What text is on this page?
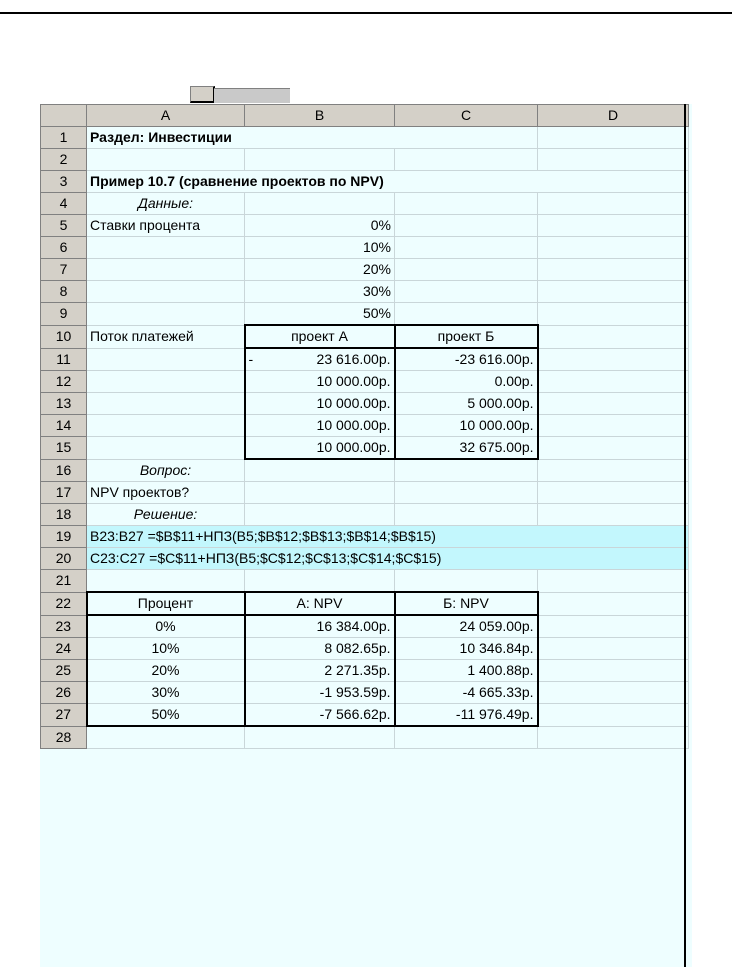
	A	B	C	D
1	Раздел: Инвестиции			
2				
3	Пример 10.7 (сравнение проектов по NPV)			
4	Данные:			
5	Ставки процента	0%		
6		10%		
7		20%		
8		30%		
9		50%		
10	Поток платежей	проект А	проект Б	
11		- 23 616.00р.	-23 616.00р.	
12		10 000.00р.	0.00р.	
13		10 000.00р.	5 000.00р.	
14		10 000.00р.	10 000.00р.	
15		10 000.00р.	32 675.00р.	
16	Вопрос:			
17	NPV проектов?			
18	Решение:			
19	B23:B27 =$B$11+НПЗ(B5;$B$12;$B$13;$B$14;$B$15)			
20	C23:C27 =$C$11+НПЗ(B5;$C$12;$C$13;$C$14;$C$15)			
21				
22	Процент	А: NPV	Б: NPV	
23	0%	16 384.00р.	24 059.00р.	
24	10%	8 082.65р.	10 346.84р.	
25	20%	2 271.35р.	1 400.88р.	
26	30%	-1 953.59р.	-4 665.33р.	
27	50%	-7 566.62р.	-11 976.49р.	
28				
